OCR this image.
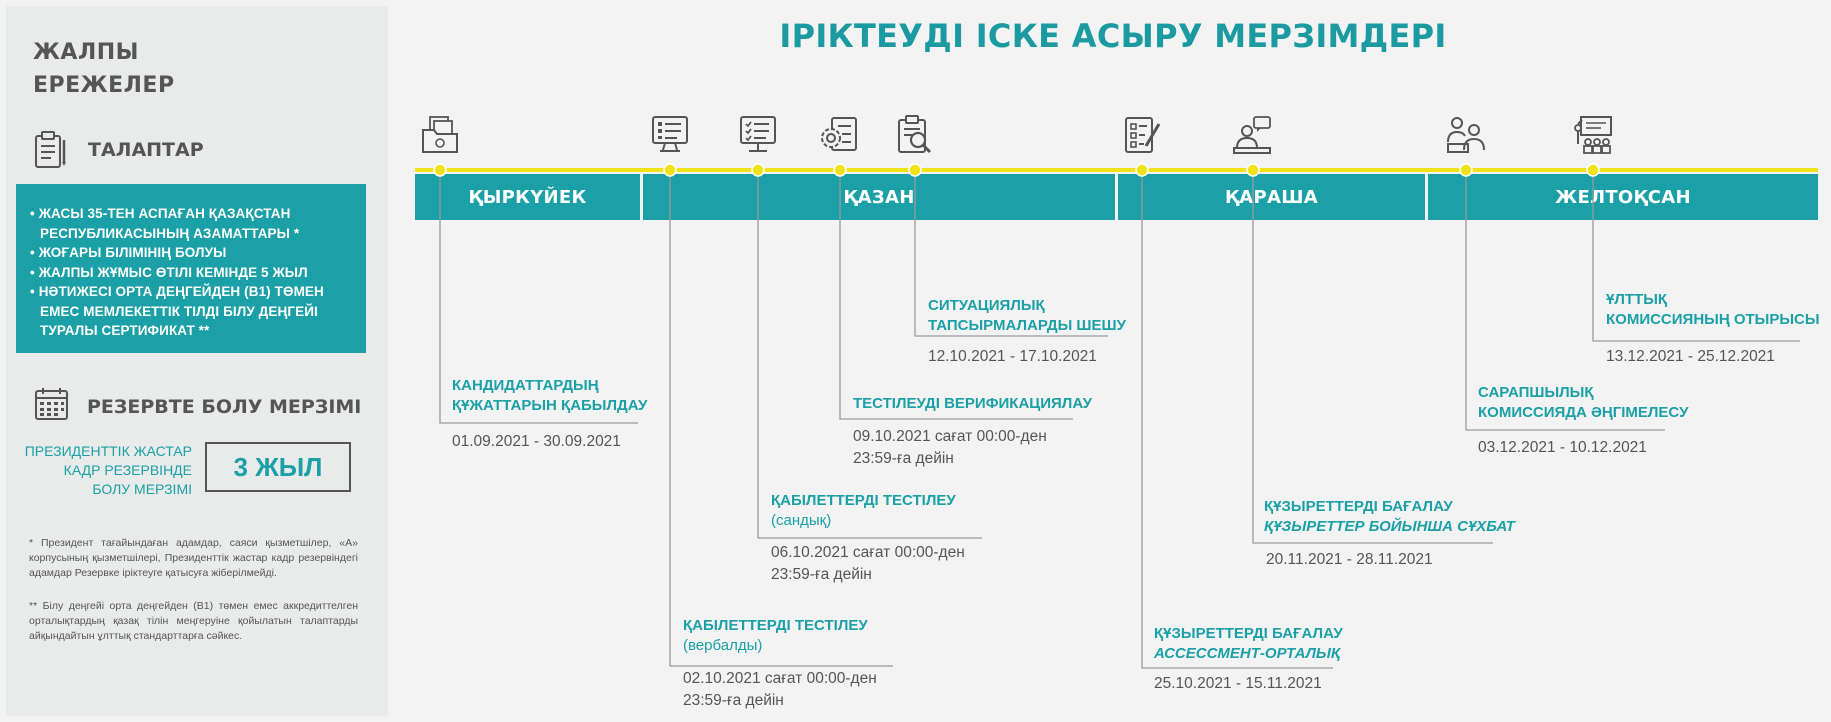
ЖАЛПЫ
ЕРЕЖЕЛЕР
ТАЛАПТАР
• ЖАСЫ 35-ТЕН АСПАҒАН ҚАЗАҚСТАН РЕСПУБЛИКАСЫНЫҢ АЗАМАТТАРЫ *
• ЖОҒАРЫ БІЛІМІНІҢ БОЛУЫ
• ЖАЛПЫ ЖҰМЫС ӨТІЛІ КЕМІНДЕ 5 ЖЫЛ
• НӘТИЖЕСІ ОРТА ДЕҢГЕЙДЕН (B1) ТӨМЕН ЕМЕС МЕМЛЕКЕТТІК ТІЛДІ БІЛУ ДЕҢГЕЙІ ТУРАЛЫ СЕРТИФИКАТ **
РЕЗЕРВТЕ БОЛУ МЕРЗІМІ
ПРЕЗИДЕНТТІК ЖАСТАР КАДР РЕЗЕРВІНДЕ БОЛУ МЕРЗІМІ
3 ЖЫЛ
* Президент тағайындаған адамдар, саяси қызметшілер, «А» корпусының қызметшілері, Президенттік жастар кадр резервіндегі адамдар Резервке іріктеуге қатысуға жіберілмейді.
** Білу деңгейі орта деңгейден (B1) төмен емес аккредиттелген орталықтардың қазақ тілін меңгеруіне қойылатын талаптарды айқындайтын ұлттық стандарттарға сәйкес.
ІРІКТЕУДІ ІСКЕ АСЫРУ МЕРЗІМДЕРІ
ҚЫРКҮЙЕК	ҚАЗАН	ҚАРАША	ЖЕЛТОҚСАН
КАНДИДАТТАРДЫҢ
ҚҰЖАТТАРЫН ҚАБЫЛДАУ
01.09.2021 - 30.09.2021
ҚАБІЛЕТТЕРДІ ТЕСТІЛЕУ
(вербалды)
02.10.2021 сағат 00:00-ден
23:59-ға дейін
ҚАБІЛЕТТЕРДІ ТЕСТІЛЕУ
(сандық)
06.10.2021 сағат 00:00-ден
23:59-ға дейін
ТЕСТІЛЕУДІ ВЕРИФИКАЦИЯЛАУ
09.10.2021 сағат 00:00-ден
23:59-ға дейін
СИТУАЦИЯЛЫҚ
ТАПСЫРМАЛАРДЫ ШЕШУ
12.10.2021 - 17.10.2021
ҚҰЗЫРЕТТЕРДІ БАҒАЛАУ
АССЕССМЕНТ-ОРТАЛЫҚ
25.10.2021 - 15.11.2021
ҚҰЗЫРЕТТЕРДІ БАҒАЛАУ
ҚҰЗЫРЕТТЕР БОЙЫНША СҰХБАТ
20.11.2021 - 28.11.2021
САРАПШЫЛЫҚ
КОМИССИЯДА ӘҢГІМЕЛЕСУ
03.12.2021 - 10.12.2021
ҰЛТТЫҚ
КОМИССИЯНЫҢ ОТЫРЫСЫ
13.12.2021 - 25.12.2021
